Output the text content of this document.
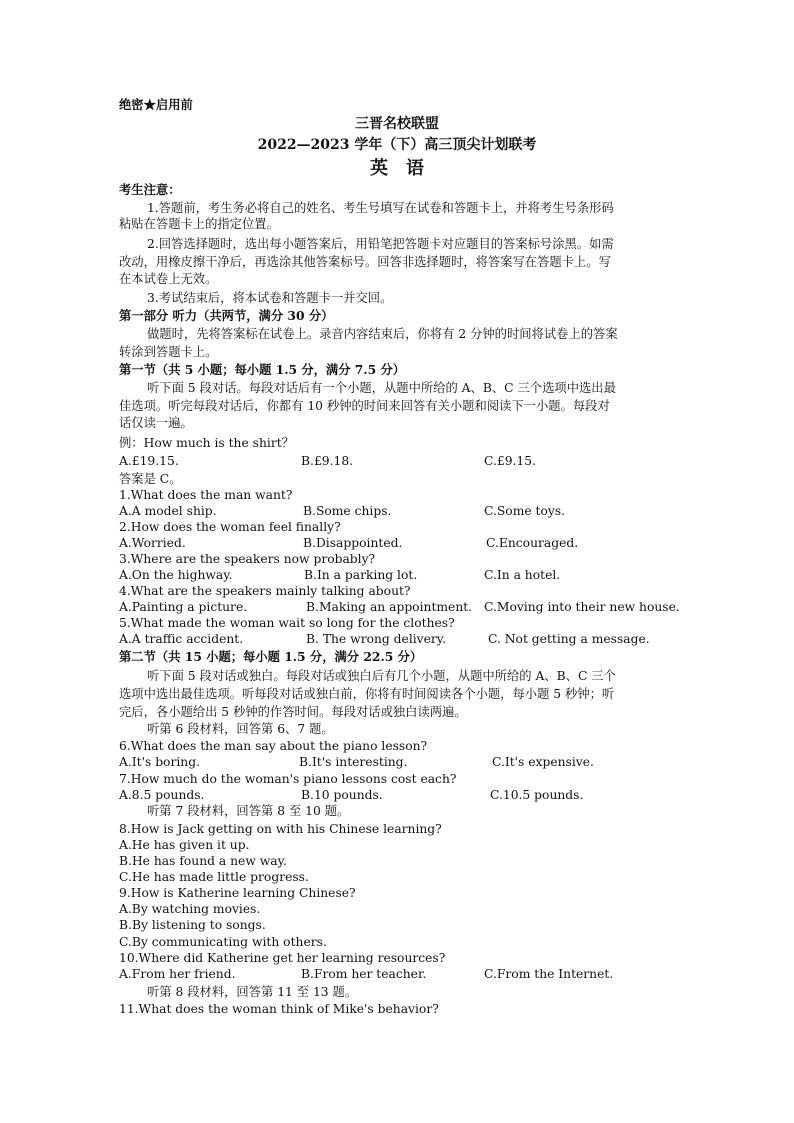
绝密★启用前
三晋名校联盟
2022—2023 学年（下）高三顶尖计划联考
英　语
考生注意：
1.答题前，考生务必将自己的姓名、考生号填写在试卷和答题卡上，并将考生号条形码
粘贴在答题卡上的指定位置。
2.回答选择题时，选出每小题答案后，用铅笔把答题卡对应题目的答案标号涂黑。如需
改动，用橡皮擦干净后，再选涂其他答案标号。回答非选择题时，将答案写在答题卡上。写
在本试卷上无效。
3.考试结束后，将本试卷和答题卡一并交回。
第一部分 听力（共两节，满分 30 分）
做题时，先将答案标在试卷上。录音内容结束后，你将有 2 分钟的时间将试卷上的答案
转涂到答题卡上。
第一节（共 5 小题；每小题 1.5 分，满分 7.5 分）
听下面 5 段对话。每段对话后有一个小题，从题中所给的 A、B、C 三个选项中选出最
佳选项。听完每段对话后，你都有 10 秒钟的时间来回答有关小题和阅读下一小题。每段对
话仅读一遍。
例：How much is the shirt？
A.£19.15.	B.£9.18.	C.£9.15.
答案是 C。
1.What does the man want?
A.A model ship.	B.Some chips.	C.Some toys.
2.How does the woman feel finally?
A.Worried.	B.Disappointed.	C.Encouraged.
3.Where are the speakers now probably?
A.On the highway.	B.In a parking lot.	C.In a hotel.
4.What are the speakers mainly talking about?
A.Painting a picture.	B.Making an appointment. C.Moving into their new house.
5.What made the woman wait so long for the clothes?
A.A traffic accident.	B. The wrong delivery.	C. Not getting a message.
第二节（共 15 小题；每小题 1.5 分，满分 22.5 分）
听下面 5 段对话或独白。每段对话或独白后有几个小题，从题中所给的 A、B、C 三个
选项中选出最佳选项。听每段对话或独白前，你将有时间阅读各个小题，每小题 5 秒钟；听
完后，各小题给出 5 秒钟的作答时间。每段对话或独白读两遍。
听第 6 段材料，回答第 6、7 题。
6.What does the man say about the piano lesson?
A.It's boring.	B.It's interesting.	C.It's expensive.
7.How much do the woman's piano lessons cost each?
A.8.5 pounds.	B.10 pounds.	C.10.5 pounds.
听第 7 段材料，回答第 8 至 10 题。
8.How is Jack getting on with his Chinese learning?
A.He has given it up.
B.He has found a new way.
C.He has made little progress.
9.How is Katherine learning Chinese?
A.By watching movies.
B.By listening to songs.
C.By communicating with others.
10.Where did Katherine get her learning resources?
A.From her friend.	B.From her teacher.	C.From the Internet.
听第 8 段材料，回答第 11 至 13 题。
11.What does the woman think of Mike's behavior?
